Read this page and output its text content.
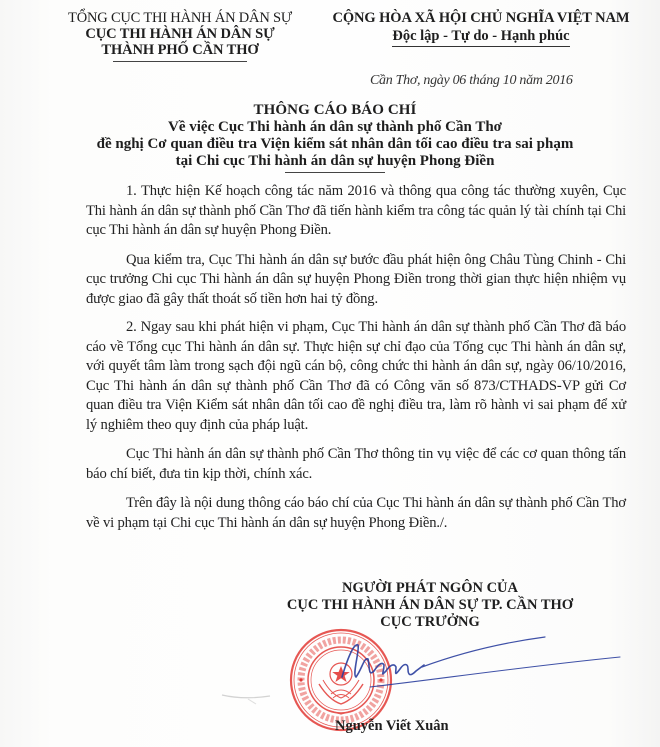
TỔNG CỤC THI HÀNH ÁN DÂN SỰ
CỤC THI HÀNH ÁN DÂN SỰ
THÀNH PHỐ CẦN THƠ
CỘNG HÒA XÃ HỘI CHỦ NGHĨA VIỆT NAM
Độc lập - Tự do - Hạnh phúc
Cần Thơ, ngày 06 tháng 10 năm 2016
THÔNG CÁO BÁO CHÍ
Về việc Cục Thi hành án dân sự thành phố Cần Thơ
đề nghị Cơ quan điều tra Viện kiểm sát nhân dân tối cao điều tra sai phạm
tại Chi cục Thi hành án dân sự huyện Phong Điền

1. Thực hiện Kế hoạch công tác năm 2016 và thông qua công tác thường xuyên, Cục Thi hành án dân sự thành phố Cần Thơ đã tiến hành kiểm tra công tác quản lý tài chính tại Chi cục Thi hành án dân sự huyện Phong Điền.

Qua kiểm tra, Cục Thi hành án dân sự bước đầu phát hiện ông Châu Tùng Chinh - Chi cục trưởng Chi cục Thi hành án dân sự huyện Phong Điền trong thời gian thực hiện nhiệm vụ được giao đã gây thất thoát số tiền hơn hai tỷ đồng.

2. Ngay sau khi phát hiện vi phạm, Cục Thi hành án dân sự thành phố Cần Thơ đã báo cáo về Tổng cục Thi hành án dân sự. Thực hiện sự chỉ đạo của Tổng cục Thi hành án dân sự, với quyết tâm làm trong sạch đội ngũ cán bộ, công chức thi hành án dân sự, ngày 06/10/2016, Cục Thi hành án dân sự thành phố Cần Thơ đã có Công văn số 873/CTHADS-VP gửi Cơ quan điều tra Viện Kiểm sát nhân dân tối cao đề nghị điều tra, làm rõ hành vi sai phạm để xử lý nghiêm theo quy định của pháp luật.

Cục Thi hành án dân sự thành phố Cần Thơ thông tin vụ việc để các cơ quan thông tấn báo chí biết, đưa tin kịp thời, chính xác.

Trên đây là nội dung thông cáo báo chí của Cục Thi hành án dân sự thành phố Cần Thơ về vi phạm tại Chi cục Thi hành án dân sự huyện Phong Điền./.

NGƯỜI PHÁT NGÔN CỦA
CỤC THI HÀNH ÁN DÂN SỰ TP. CẦN THƠ
CỤC TRƯỞNG
Nguyễn Viết Xuân
